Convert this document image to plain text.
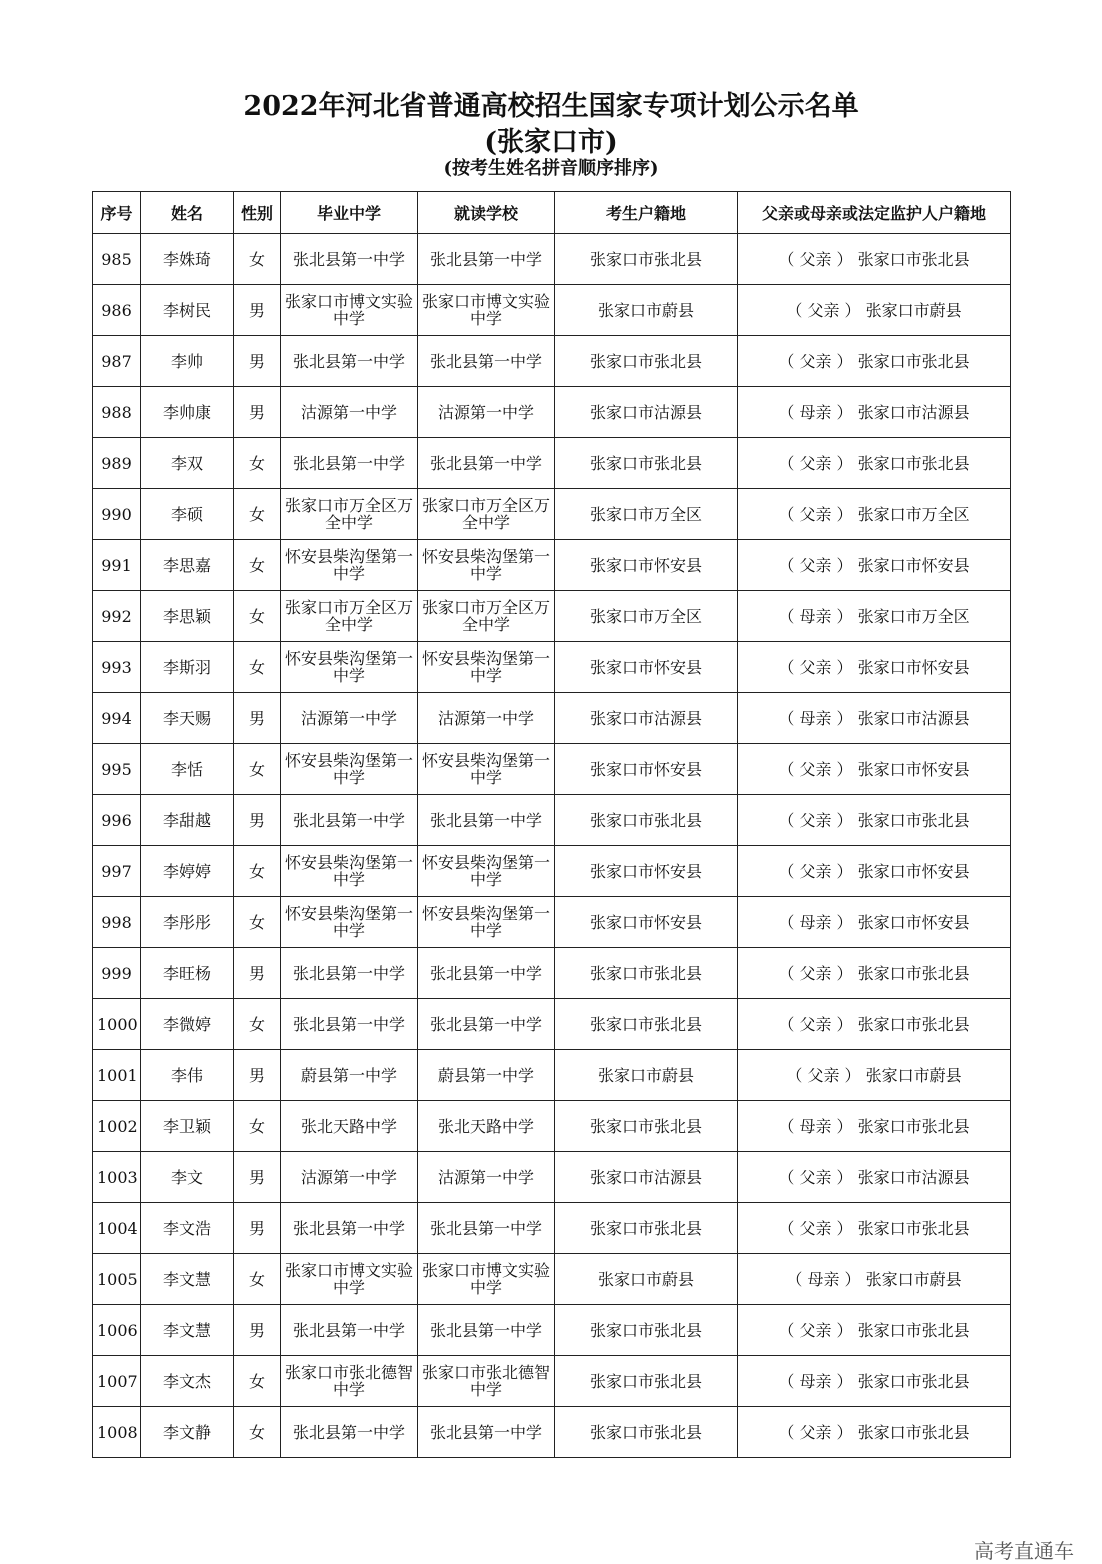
2022年河北省普通高校招生国家专项计划公示名单
(张家口市)
(按考生姓名拼音顺序排序)
序号	姓名	性别	毕业中学	就读学校	考生户籍地	父亲或母亲或法定监护人户籍地
985	李姝琦	女	张北县第一中学	张北县第一中学	张家口市张北县	（ 父亲 ） 张家口市张北县
986	李树民	男	张家口市博文实验中学	张家口市博文实验中学	张家口市蔚县	（ 父亲 ） 张家口市蔚县
987	李帅	男	张北县第一中学	张北县第一中学	张家口市张北县	（ 父亲 ） 张家口市张北县
988	李帅康	男	沽源第一中学	沽源第一中学	张家口市沽源县	（ 母亲 ） 张家口市沽源县
989	李双	女	张北县第一中学	张北县第一中学	张家口市张北县	（ 父亲 ） 张家口市张北县
990	李硕	女	张家口市万全区万全中学	张家口市万全区万全中学	张家口市万全区	（ 父亲 ） 张家口市万全区
991	李思嘉	女	怀安县柴沟堡第一中学	怀安县柴沟堡第一中学	张家口市怀安县	（ 父亲 ） 张家口市怀安县
992	李思颖	女	张家口市万全区万全中学	张家口市万全区万全中学	张家口市万全区	（ 母亲 ） 张家口市万全区
993	李斯羽	女	怀安县柴沟堡第一中学	怀安县柴沟堡第一中学	张家口市怀安县	（ 父亲 ） 张家口市怀安县
994	李天赐	男	沽源第一中学	沽源第一中学	张家口市沽源县	（ 母亲 ） 张家口市沽源县
995	李恬	女	怀安县柴沟堡第一中学	怀安县柴沟堡第一中学	张家口市怀安县	（ 父亲 ） 张家口市怀安县
996	李甜越	男	张北县第一中学	张北县第一中学	张家口市张北县	（ 父亲 ） 张家口市张北县
997	李婷婷	女	怀安县柴沟堡第一中学	怀安县柴沟堡第一中学	张家口市怀安县	（ 父亲 ） 张家口市怀安县
998	李彤彤	女	怀安县柴沟堡第一中学	怀安县柴沟堡第一中学	张家口市怀安县	（ 母亲 ） 张家口市怀安县
999	李旺杨	男	张北县第一中学	张北县第一中学	张家口市张北县	（ 父亲 ） 张家口市张北县
1000	李微婷	女	张北县第一中学	张北县第一中学	张家口市张北县	（ 父亲 ） 张家口市张北县
1001	李伟	男	蔚县第一中学	蔚县第一中学	张家口市蔚县	（ 父亲 ） 张家口市蔚县
1002	李卫颖	女	张北天路中学	张北天路中学	张家口市张北县	（ 母亲 ） 张家口市张北县
1003	李文	男	沽源第一中学	沽源第一中学	张家口市沽源县	（ 父亲 ） 张家口市沽源县
1004	李文浩	男	张北县第一中学	张北县第一中学	张家口市张北县	（ 父亲 ） 张家口市张北县
1005	李文慧	女	张家口市博文实验中学	张家口市博文实验中学	张家口市蔚县	（ 母亲 ） 张家口市蔚县
1006	李文慧	男	张北县第一中学	张北县第一中学	张家口市张北县	（ 父亲 ） 张家口市张北县
1007	李文杰	女	张家口市张北德智中学	张家口市张北德智中学	张家口市张北县	（ 母亲 ） 张家口市张北县
1008	李文静	女	张北县第一中学	张北县第一中学	张家口市张北县	（ 父亲 ） 张家口市张北县
高考直通车
